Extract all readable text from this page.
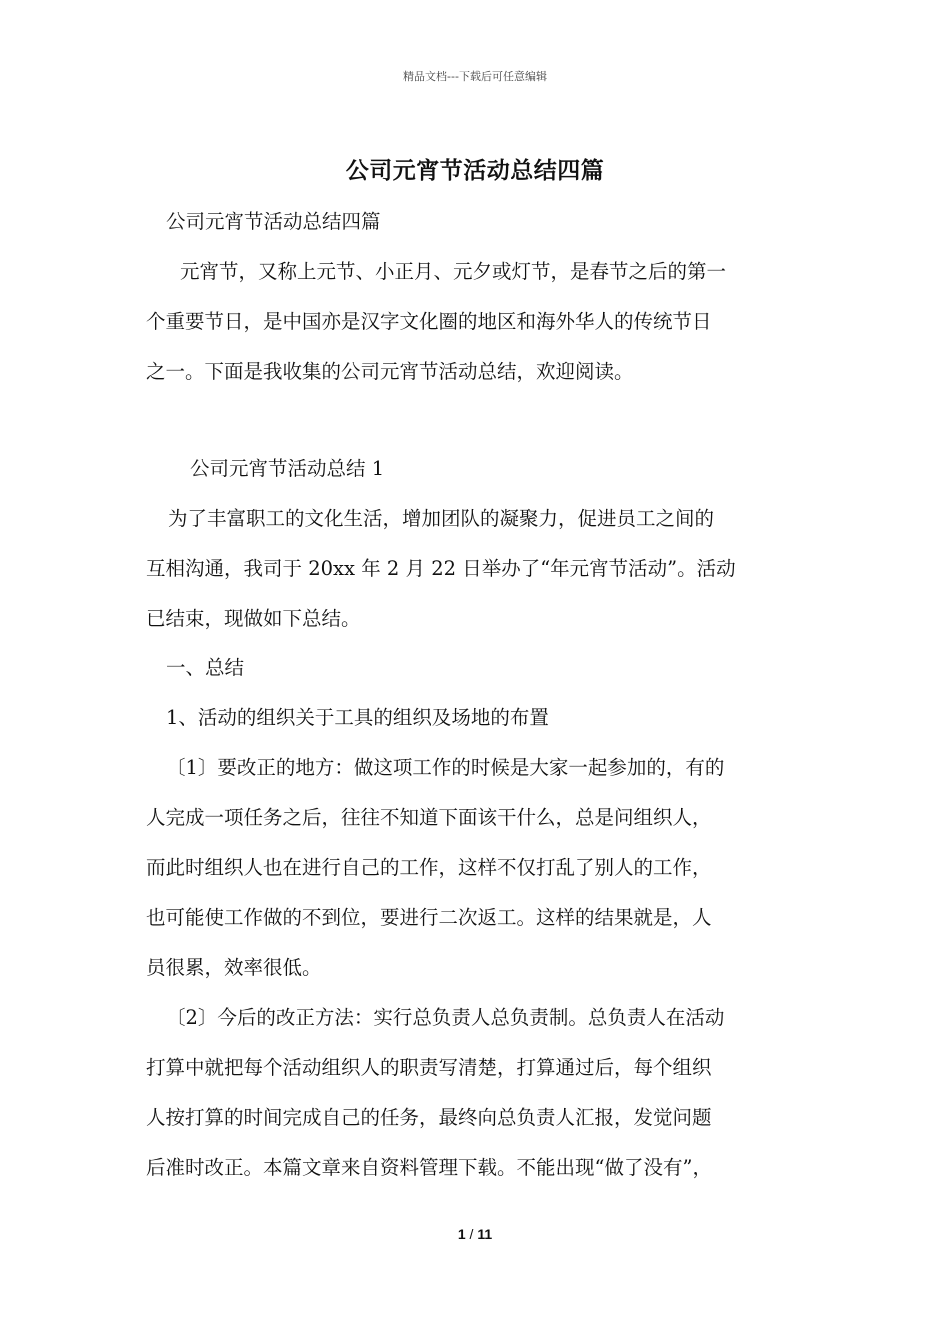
精品文档---下载后可任意编辑
公司元宵节活动总结四篇
公司元宵节活动总结四篇
元宵节，又称上元节、小正月、元夕或灯节，是春节之后的第一
个重要节日，是中国亦是汉字文化圈的地区和海外华人的传统节日
之一。下面是我收集的公司元宵节活动总结，欢迎阅读。
公司元宵节活动总结 1
为了丰富职工的文化生活，增加团队的凝聚力，促进员工之间的
互相沟通，我司于 20xx 年 2 月 22 日举办了“年元宵节活动”。活动
已结束，现做如下总结。
一、总结
1、活动的组织关于工具的组织及场地的布置
〔1〕要改正的地方：做这项工作的时候是大家一起参加的，有的
人完成一项任务之后，往往不知道下面该干什么，总是问组织人，
而此时组织人也在进行自己的工作，这样不仅打乱了别人的工作，
也可能使工作做的不到位，要进行二次返工。这样的结果就是，人
员很累，效率很低。
〔2〕今后的改正方法：实行总负责人总负责制。总负责人在活动
打算中就把每个活动组织人的职责写清楚，打算通过后，每个组织
人按打算的时间完成自己的任务，最终向总负责人汇报，发觉问题
后准时改正。本篇文章来自资料管理下载。不能出现“做了没有”，
1 / 11
